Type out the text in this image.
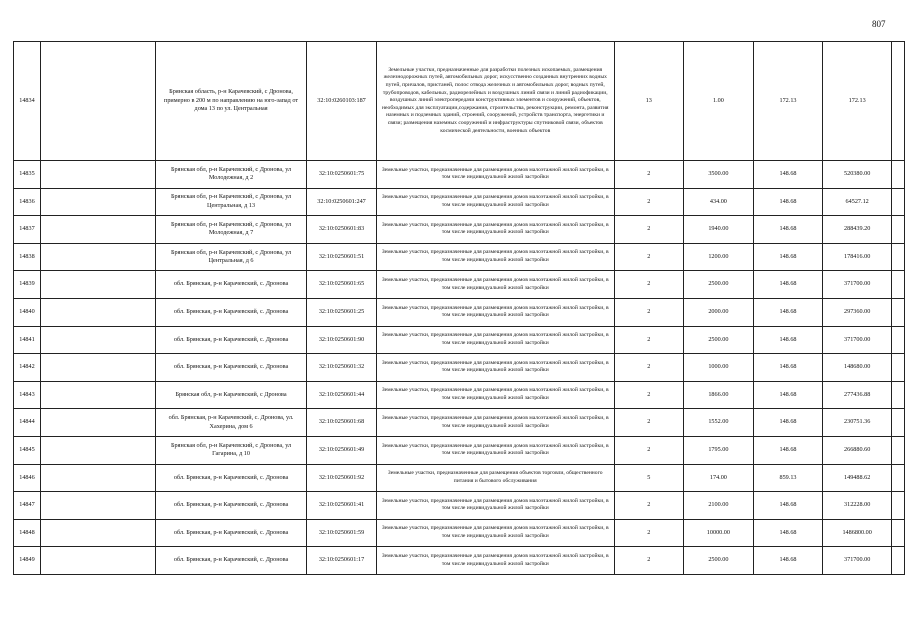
807
14834		Брянская область, р-н Карачевский, с Дронова, примерно в 200 м по направлению на юго-запад от дома 13 по ул. Центральная	32:10:0260103:187	Земельные участки, предназначенные для разработки полезных ископаемых, размещения железнодорожных путей, автомобильных дорог, искусственно созданных внутренних водных путей, причалов, пристаней, полос отвода железных и автомобильных дорог, водных путей, трубопроводов, кабельных, радиорелейных и воздушных линий связи и линий радиофикации, воздушных линий электропередачи конструктивных элементов и сооружений, объектов, необходимых для эксплуатации,содержания, строительства, реконструкции, ремонта, развития наземных и подземных зданий, строений, сооружений, устройств транспорта, энергетики и связи; размещения наземных сооружений и инфраструктуры спутниковой связи, объектов космической деятельности, военных объектов	13	1.00	172.13	172.13	
14835		Брянская обл, р-н Карачевский, с Дронова, ул Молодежная, д 2	32:10:0250601:75	Земельные участки, предназначенные для размещения домов малоэтажной жилой застройки, в том числе индивидуальной жилой застройки	2	3500.00	148.68	520380.00	
14836		Брянская обл, р-н Карачевский, с Дронова, ул Центральная, д 13	32:10:0250601:247	Земельные участки, предназначенные для размещения домов малоэтажной жилой застройки, в том числе индивидуальной жилой застройки	2	434.00	148.68	64527.12	
14837		Брянская обл, р-н Карачевский, с Дронова, ул Молодежная, д 7	32:10:0250601:83	Земельные участки, предназначенные для размещения домов малоэтажной жилой застройки, в том числе индивидуальной жилой застройки	2	1940.00	148.68	288439.20	
14838		Брянская обл, р-н Карачевский, с Дронова, ул Центральная, д 6	32:10:0250601:51	Земельные участки, предназначенные для размещения домов малоэтажной жилой застройки, в том числе индивидуальной жилой застройки	2	1200.00	148.68	178416.00	
14839		обл. Брянская, р-н Карачевский, с. Дронова	32:10:0250601:65	Земельные участки, предназначенные для размещения домов малоэтажной жилой застройки, в том числе индивидуальной жилой застройки	2	2500.00	148.68	371700.00	
14840		обл. Брянская, р-н Карачевский, с. Дронова	32:10:0250601:25	Земельные участки, предназначенные для размещения домов малоэтажной жилой застройки, в том числе индивидуальной жилой застройки	2	2000.00	148.68	297360.00	
14841		обл. Брянская, р-н Карачевский, с. Дронова	32:10:0250601:90	Земельные участки, предназначенные для размещения домов малоэтажной жилой застройки, в том числе индивидуальной жилой застройки	2	2500.00	148.68	371700.00	
14842		обл. Брянская, р-н Карачевский, с. Дронова	32:10:0250601:32	Земельные участки, предназначенные для размещения домов малоэтажной жилой застройки, в том числе индивидуальной жилой застройки	2	1000.00	148.68	148680.00	
14843		Брянская обл, р-н Карачевский, с Дронова	32:10:0250601:44	Земельные участки, предназначенные для размещения домов малоэтажной жилой застройки, в том числе индивидуальной жилой застройки	2	1866.00	148.68	277436.88	
14844		обл. Брянская, р-н Карачевский, с. Дронова, ул. Хахерина, дом 6	32:10:0250601:68	Земельные участки, предназначенные для размещения домов малоэтажной жилой застройки, в том числе индивидуальной жилой застройки	2	1552.00	148.68	230751.36	
14845		Брянская обл, р-н Карачевский, с Дронова, ул Гагарина, д 10	32:10:0250601:49	Земельные участки, предназначенные для размещения домов малоэтажной жилой застройки, в том числе индивидуальной жилой застройки	2	1795.00	148.68	266880.60	
14846		обл. Брянская, р-н Карачевский, с. Дронова	32:10:0250601:92	Земельные участки, предназначенные для размещения объектов торговли, общественного питания и бытового обслуживания	5	174.00	859.13	149488.62	
14847		обл. Брянская, р-н Карачевский, с. Дронова	32:10:0250601:41	Земельные участки, предназначенные для размещения домов малоэтажной жилой застройки, в том числе индивидуальной жилой застройки	2	2100.00	148.68	312228.00	
14848		обл. Брянская, р-н Карачевский, с. Дронова	32:10:0250601:59	Земельные участки, предназначенные для размещения домов малоэтажной жилой застройки, в том числе индивидуальной жилой застройки	2	10000.00	148.68	1486800.00	
14849		обл. Брянская, р-н Карачевский, с. Дронова	32:10:0250601:17	Земельные участки, предназначенные для размещения домов малоэтажной жилой застройки, в том числе индивидуальной жилой застройки	2	2500.00	148.68	371700.00	
